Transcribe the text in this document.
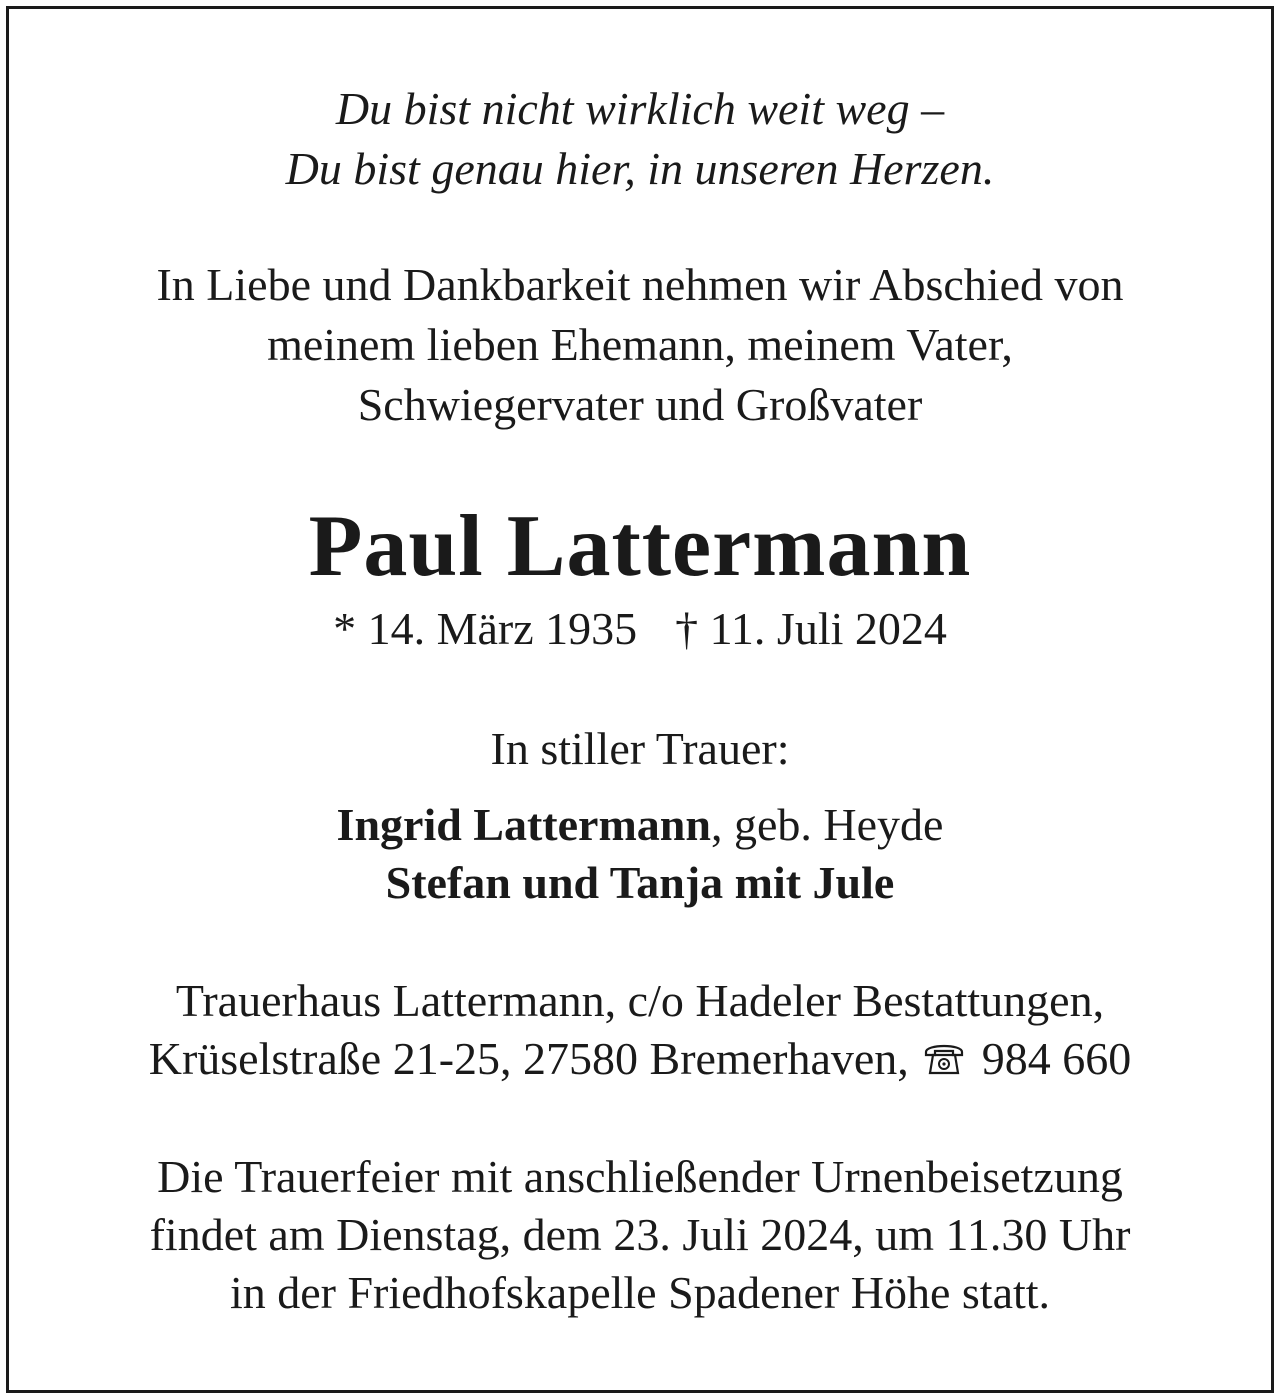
Du bist nicht wirklich weit weg –
Du bist genau hier, in unseren Herzen.
In Liebe und Dankbarkeit nehmen wir Abschied von
meinem lieben Ehemann, meinem Vater,
Schwiegervater und Großvater
Paul Lattermann
* 14. März 1935 † 11. Juli 2024
In stiller Trauer:
Ingrid Lattermann, geb. Heyde
Stefan und Tanja mit Jule
Trauerhaus Lattermann, c/o Hadeler Bestattungen,
Krüselstraße 21-25, 27580 Bremerhaven, 984 660
Die Trauerfeier mit anschließender Urnenbeisetzung
findet am Dienstag, dem 23. Juli 2024, um 11.30 Uhr
in der Friedhofskapelle Spadener Höhe statt.
